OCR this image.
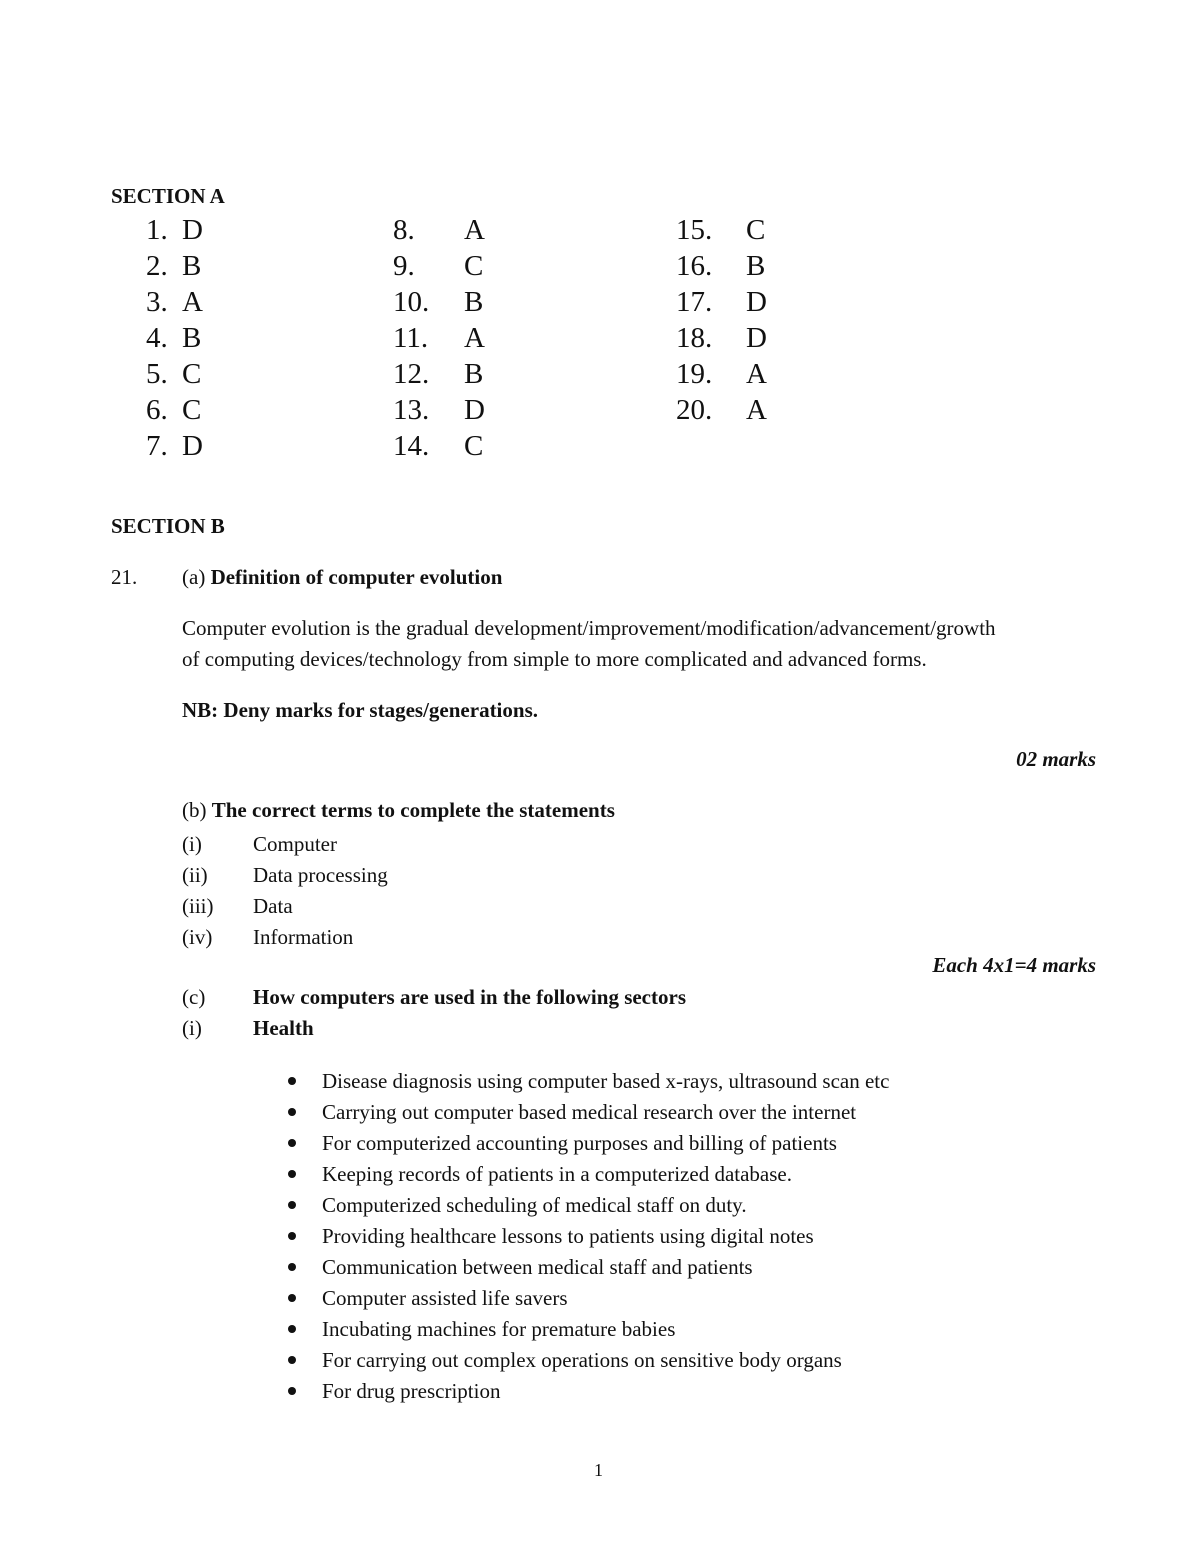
SECTION A
1. D
2. B
3. A
4. B
5. C
6. C
7. D
8. A
9. C
10. B
11. A
12. B
13. D
14. C
15. C
16. B
17. D
18. D
19. A
20. A
SECTION B
21. (a) Definition of computer evolution
Computer evolution is the gradual development/improvement/modification/advancement/growth
of computing devices/technology from simple to more complicated and advanced forms.
NB: Deny marks for stages/generations.
02 marks
(b) The correct terms to complete the statements
(i) Computer
(ii) Data processing
(iii) Data
(iv) Information
Each 4x1=4 marks
(c) How computers are used in the following sectors
(i) Health
Disease diagnosis using computer based x-rays, ultrasound scan etc
Carrying out computer based medical research over the internet
For computerized accounting purposes and billing of patients
Keeping records of patients in a computerized database.
Computerized scheduling of medical staff on duty.
Providing healthcare lessons to patients using digital notes
Communication between medical staff and patients
Computer assisted life savers
Incubating machines for premature babies
For carrying out complex operations on sensitive body organs
For drug prescription
1
